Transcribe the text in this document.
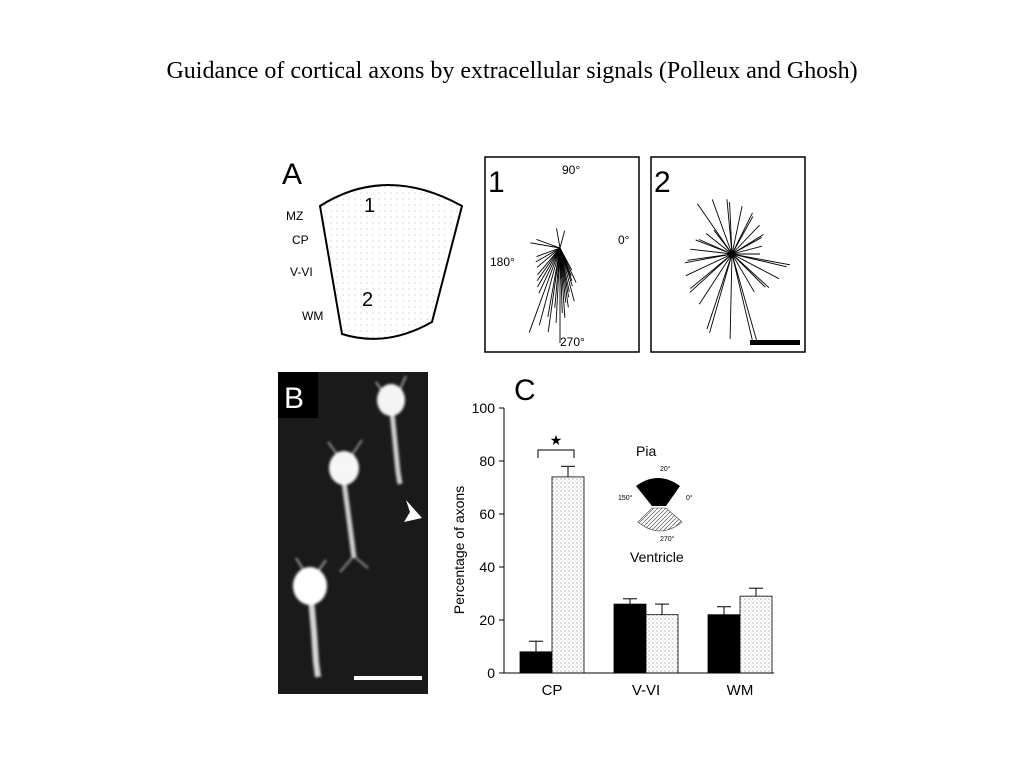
Guidance of cortical axons by extracellular signals (Polleux and Ghosh)
A
MZ
CP
V-VI
WM
1
2
1	90°
0°
180°
270°
2
B	C
Percentage of axons
0
20
40
60
80
100
CP	V-VI	WM
★
Pia
20°
150°	0°
270°
Ventricle
